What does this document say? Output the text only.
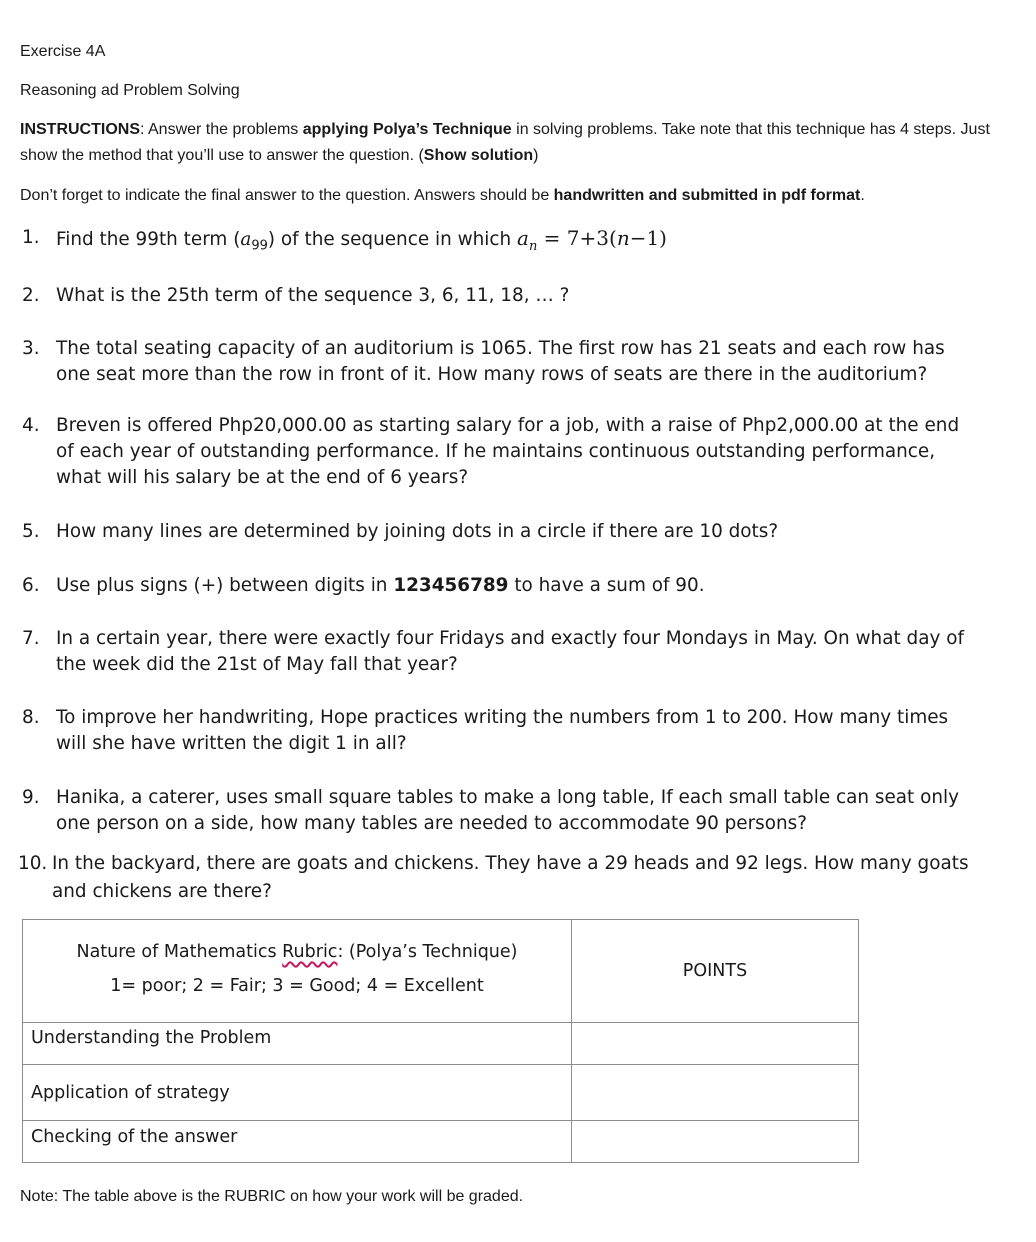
Exercise 4A
Reasoning ad Problem Solving
INSTRUCTIONS: Answer the problems applying Polya’s Technique in solving problems. Take note that this technique has 4 steps. Just show the method that you’ll use to answer the question. (Show solution)
Don’t forget to indicate the final answer to the question. Answers should be handwritten and submitted in pdf format.
1. Find the 99th term $(a_{99})$ of the sequence in which $a_n = 7+3(n-1)$
2. What is the 25th term of the sequence 3, 6, 11, 18, … ?
3. The total seating capacity of an auditorium is 1065. The first row has 21 seats and each row has one seat more than the row in front of it. How many rows of seats are there in the auditorium?
4. Breven is offered Php20,000.00 as starting salary for a job, with a raise of Php2,000.00 at the end of each year of outstanding performance. If he maintains continuous outstanding performance, what will his salary be at the end of 6 years?
5. How many lines are determined by joining dots in a circle if there are 10 dots?
6. Use plus signs (+) between digits in 123456789 to have a sum of 90.
7. In a certain year, there were exactly four Fridays and exactly four Mondays in May. On what day of the week did the 21st of May fall that year?
8. To improve her handwriting, Hope practices writing the numbers from 1 to 200. How many times will she have written the digit 1 in all?
9. Hanika, a caterer, uses small square tables to make a long table, If each small table can seat only one person on a side, how many tables are needed to accommodate 90 persons?
10. In the backyard, there are goats and chickens. They have a 29 heads and 92 legs. How many goats and chickens are there?
Nature of Mathematics Rubric: (Polya’s Technique)
1= poor; 2 = Fair; 3 = Good; 4 = Excellent	POINTS
Understanding the Problem	
Application of strategy	
Checking of the answer	
Note: The table above is the RUBRIC on how your work will be graded.
